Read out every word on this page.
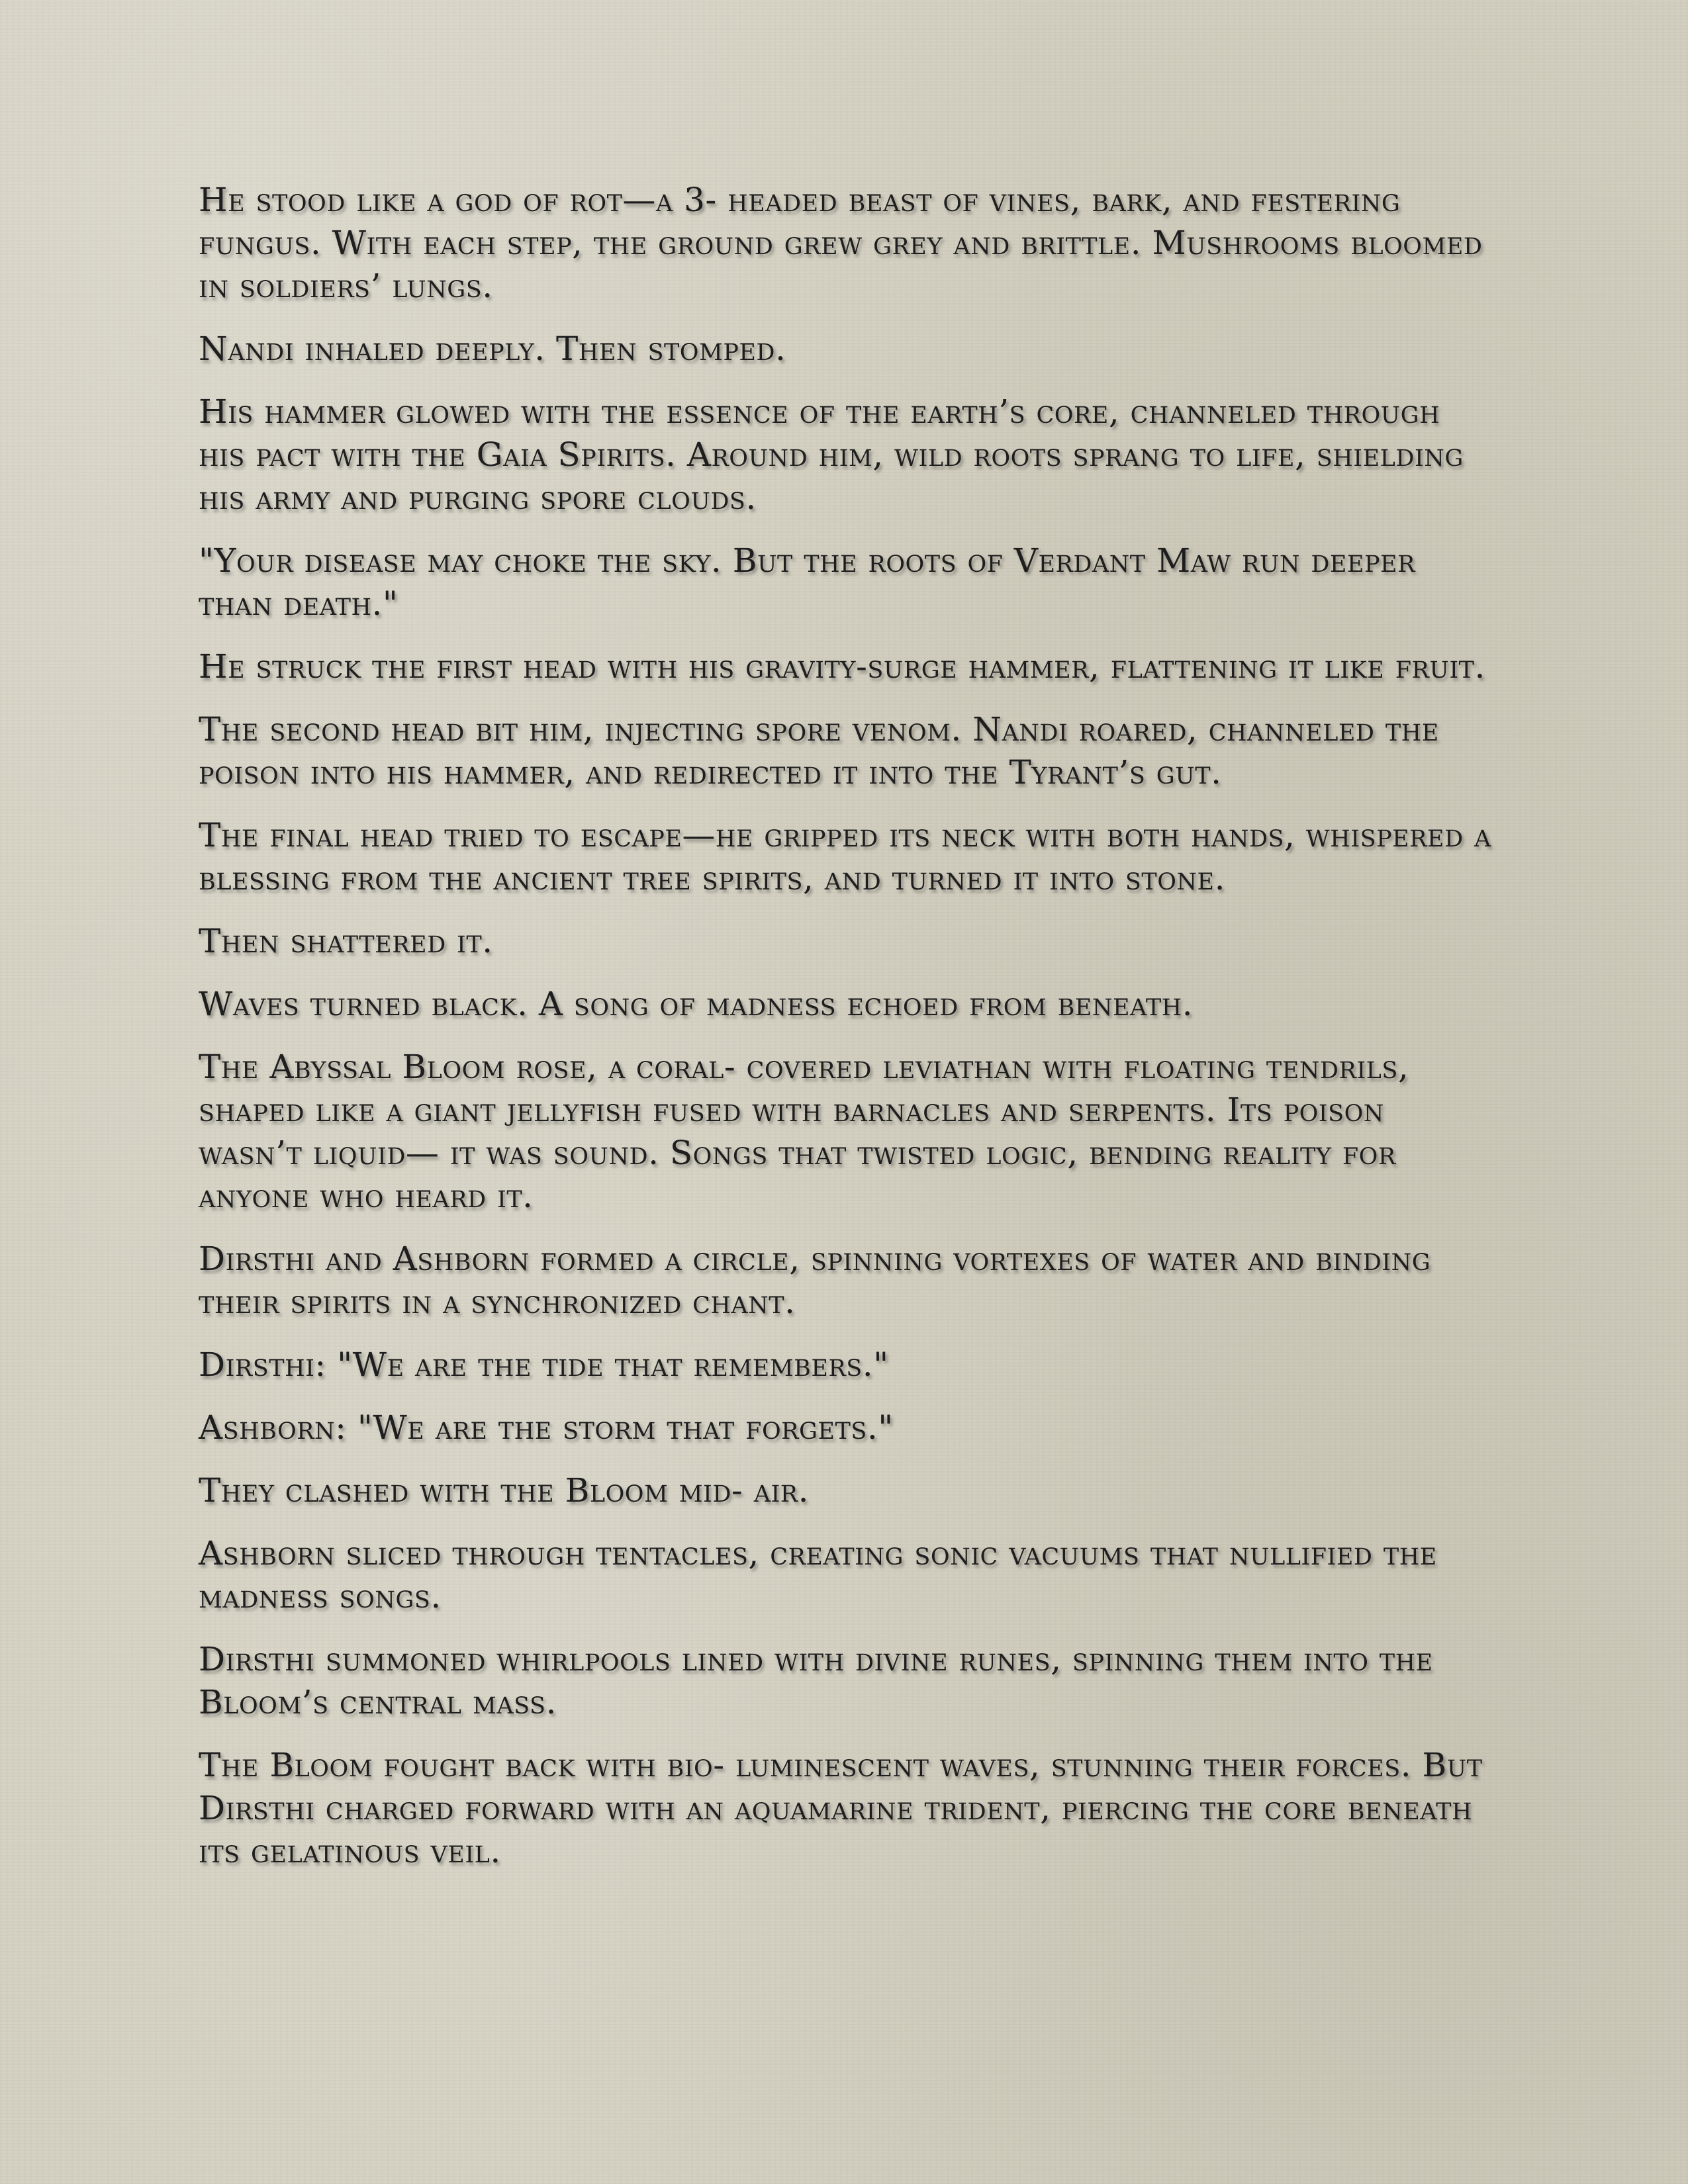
He stood like a god of rot—a 3- headed beast of vines, bark, and festering fungus. With each step, the ground grew grey and brittle. Mushrooms bloomed in soldiers’ lungs.

Nandi inhaled deeply. Then stomped.

His hammer glowed with the essence of the earth’s core, channeled through his pact with the Gaia Spirits. Around him, wild roots sprang to life, shielding his army and purging spore clouds.

"Your disease may choke the sky. But the roots of Verdant Maw run deeper than death."

He struck the first head with his gravity-surge hammer, flattening it like fruit.

The second head bit him, injecting spore venom. Nandi roared, channeled the poison into his hammer, and redirected it into the Tyrant’s gut.

The final head tried to escape—he gripped its neck with both hands, whispered a blessing from the ancient tree spirits, and turned it into stone.

Then shattered it.

Waves turned black. A song of madness echoed from beneath.

The Abyssal Bloom rose, a coral- covered leviathan with floating tendrils, shaped like a giant jellyfish fused with barnacles and serpents. Its poison wasn’t liquid— it was sound. Songs that twisted logic, bending reality for anyone who heard it.

Dirsthi and Ashborn formed a circle, spinning vortexes of water and binding their spirits in a synchronized chant.

Dirsthi: "We are the tide that remembers."

Ashborn: "We are the storm that forgets."

They clashed with the Bloom mid- air.

Ashborn sliced through tentacles, creating sonic vacuums that nullified the madness songs.

Dirsthi summoned whirlpools lined with divine runes, spinning them into the Bloom’s central mass.

The Bloom fought back with bio- luminescent waves, stunning their forces. But Dirsthi charged forward with an aquamarine trident, piercing the core beneath its gelatinous veil.
